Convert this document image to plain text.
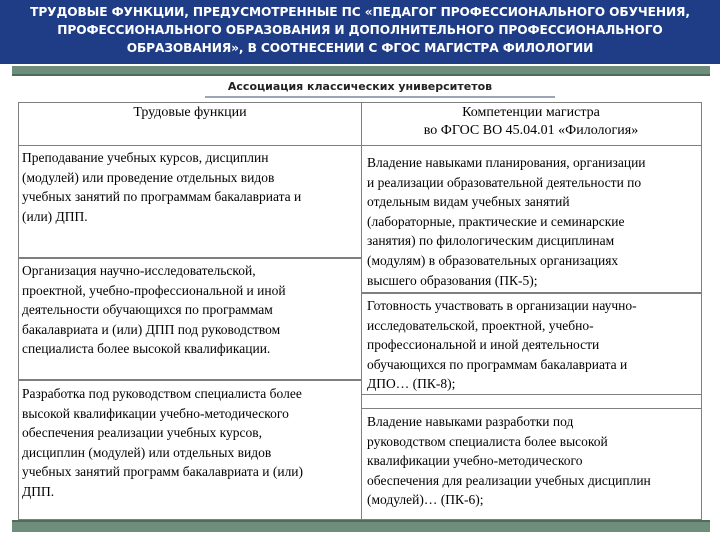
ТРУДОВЫЕ ФУНКЦИИ, ПРЕДУСМОТРЕННЫЕ ПС «ПЕДАГОГ ПРОФЕССИОНАЛЬНОГО ОБУЧЕНИЯ,
ПРОФЕССИОНАЛЬНОГО ОБРАЗОВАНИЯ И ДОПОЛНИТЕЛЬНОГО ПРОФЕССИОНАЛЬНОГО
ОБРАЗОВАНИЯ», В СООТНЕСЕНИИ С ФГОС МАГИСТРА ФИЛОЛОГИИ
Ассоциация классических университетов
Трудовые функции	Компетенции магистра
во ФГОС ВО 45.04.01 «Филология»
Преподавание учебных курсов, дисциплин
(модулей) или проведение отдельных видов
учебных занятий по программам бакалавриата и
(или) ДПП.
Организация научно-исследовательской,
проектной, учебно-профессиональной и иной
деятельности обучающихся по программам
бакалавриата и (или) ДПП под руководством
специалиста более высокой квалификации.
Разработка под руководством специалиста более
высокой квалификации учебно-методического
обеспечения реализации учебных курсов,
дисциплин (модулей) или отдельных видов
учебных занятий программ бакалавриата и (или)
ДПП.
Владение навыками планирования, организации
и реализации образовательной деятельности по
отдельным видам учебных занятий
(лабораторные, практические и семинарские
занятия) по филологическим дисциплинам
(модулям) в образовательных организациях
высшего образования (ПК-5);
Готовность участвовать в организации научно-
исследовательской, проектной, учебно-
профессиональной и иной деятельности
обучающихся по программам бакалавриата и
ДПО… (ПК-8);
Владение навыками разработки под
руководством специалиста более высокой
квалификации учебно-методического
обеспечения для реализации учебных дисциплин
(модулей)… (ПК-6);
